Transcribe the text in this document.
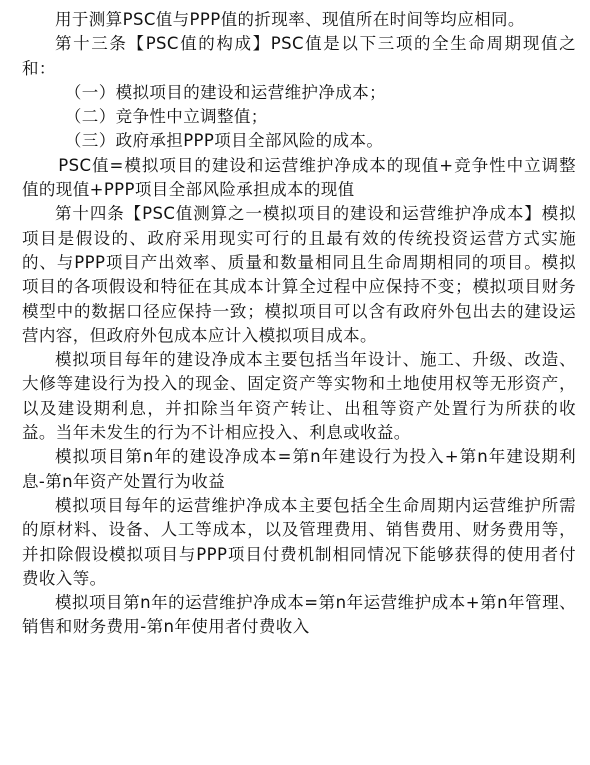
用于测算PSC值与PPP值的折现率、现值所在时间等均应相同。

第十三条【PSC值的构成】PSC值是以下三项的全生命周期现值之和：

（一）模拟项目的建设和运营维护净成本；

（二）竞争性中立调整值；

（三）政府承担PPP项目全部风险的成本。

PSC值=模拟项目的建设和运营维护净成本的现值+竞争性中立调整值的现值+PPP项目全部风险承担成本的现值

第十四条【PSC值测算之一模拟项目的建设和运营维护净成本】模拟项目是假设的、政府采用现实可行的且最有效的传统投资运营方式实施的、与PPP项目产出效率、质量和数量相同且生命周期相同的项目。模拟项目的各项假设和特征在其成本计算全过程中应保持不变；模拟项目财务模型中的数据口径应保持一致；模拟项目可以含有政府外包出去的建设运营内容，但政府外包成本应计入模拟项目成本。

模拟项目每年的建设净成本主要包括当年设计、施工、升级、改造、大修等建设行为投入的现金、固定资产等实物和土地使用权等无形资产，以及建设期利息，并扣除当年资产转让、出租等资产处置行为所获的收益。当年未发生的行为不计相应投入、利息或收益。

模拟项目第n年的建设净成本=第n年建设行为投入+第n年建设期利息-第n年资产处置行为收益

模拟项目每年的运营维护净成本主要包括全生命周期内运营维护所需的原材料、设备、人工等成本，以及管理费用、销售费用、财务费用等，并扣除假设模拟项目与PPP项目付费机制相同情况下能够获得的使用者付费收入等。

模拟项目第n年的运营维护净成本=第n年运营维护成本+第n年管理、销售和财务费用-第n年使用者付费收入
